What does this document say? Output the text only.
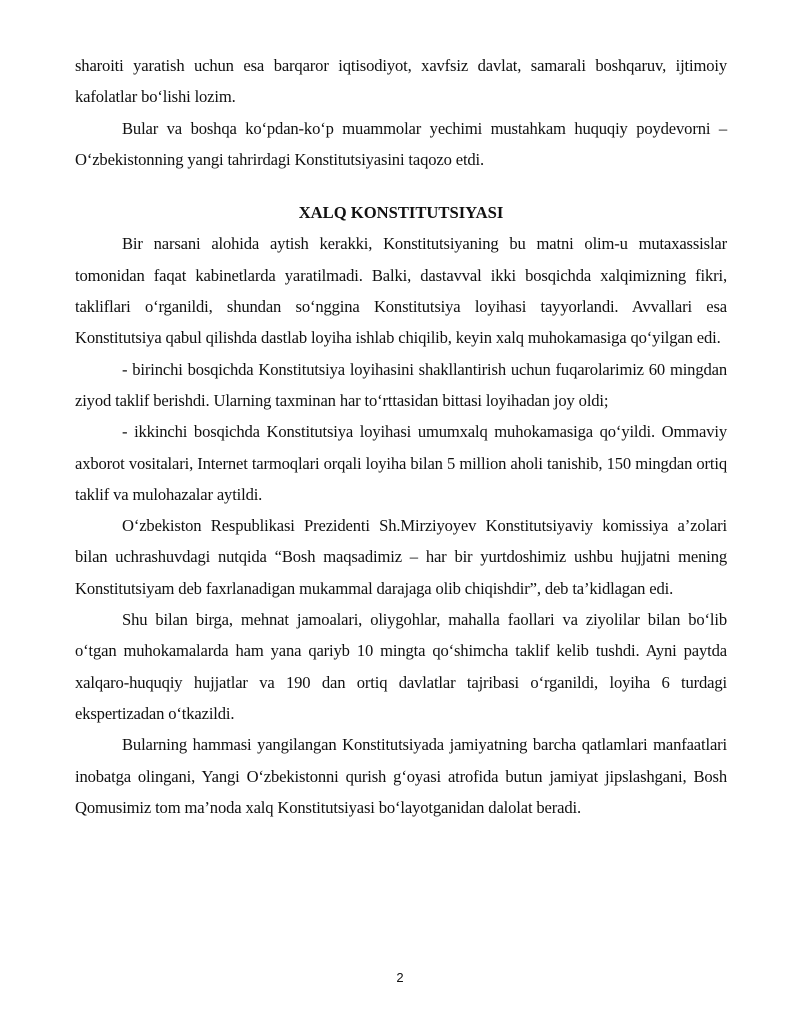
sharoiti yaratish uchun esa barqaror iqtisodiyot, xavfsiz davlat, samarali boshqaruv, ijtimoiy kafolatlar bo‘lishi lozim.

Bular va boshqa ko‘pdan-ko‘p muammolar yechimi mustahkam huquqiy poydevorni – O‘zbekistonning yangi tahrirdagi Konstitutsiyasini taqozo etdi.

XALQ KONSTITUTSIYASI

Bir narsani alohida aytish kerakki, Konstitutsiyaning bu matni olim-u mutaxassislar tomonidan faqat kabinetlarda yaratilmadi. Balki, dastavval ikki bosqichda xalqimizning fikri, takliflari o‘rganildi, shundan so‘nggina Konstitutsiya loyihasi tayyorlandi. Avvallari esa Konstitutsiya qabul qilishda dastlab loyiha ishlab chiqilib, keyin xalq muhokamasiga qo‘yilgan edi.

- birinchi bosqichda Konstitutsiya loyihasini shakllantirish uchun fuqarolarimiz 60 mingdan ziyod taklif berishdi. Ularning taxminan har to‘rttasidan bittasi loyihadan joy oldi;

- ikkinchi bosqichda Konstitutsiya loyihasi umumxalq muhokamasiga qo‘yildi. Ommaviy axborot vositalari, Internet tarmoqlari orqali loyiha bilan 5 million aholi tanishib, 150 mingdan ortiq taklif va mulohazalar aytildi.

O‘zbekiston Respublikasi Prezidenti Sh.Mirziyoyev Konstitutsiyaviy komissiya a’zolari bilan uchrashuvdagi nutqida “Bosh maqsadimiz – har bir yurtdoshimiz ushbu hujjatni mening Konstitutsiyam deb faxrlanadigan mukammal darajaga olib chiqishdir”, deb ta’kidlagan edi.

Shu bilan birga, mehnat jamoalari, oliygohlar, mahalla faollari va ziyolilar bilan bo‘lib o‘tgan muhokamalarda ham yana qariyb 10 mingta qo‘shimcha taklif kelib tushdi. Ayni paytda xalqaro-huquqiy hujjatlar va 190 dan ortiq davlatlar tajribasi o‘rganildi, loyiha 6 turdagi ekspertizadan o‘tkazildi.

Bularning hammasi yangilangan Konstitutsiyada jamiyatning barcha qatlamlari manfaatlari inobatga olingani, Yangi O‘zbekistonni qurish g‘oyasi atrofida butun jamiyat jipslashgani, Bosh Qomusimiz tom ma’noda xalq Konstitutsiyasi bo‘layotganidan dalolat beradi.

2
